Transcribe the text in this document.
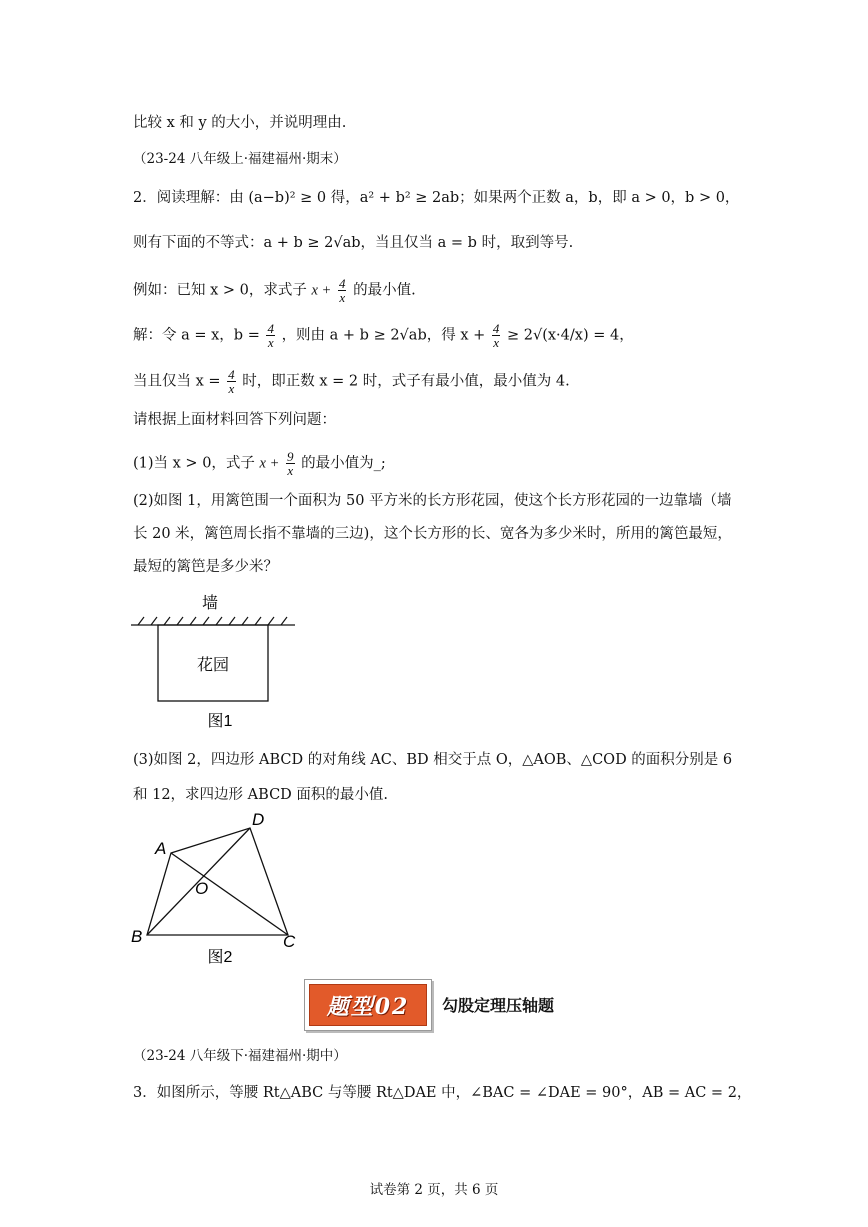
比较 x 和 y 的大小，并说明理由.
（23-24 八年级上·福建福州·期末）
2．阅读理解：由 (a−b)² ≥ 0 得，a² + b² ≥ 2ab；如果两个正数 a，b，即 a > 0，b > 0，
则有下面的不等式：a + b ≥ 2√ab，当且仅当 a = b 时，取到等号.
例如：已知 x > 0，求式子 $x + \frac{4}{x}$ 的最小值.
解：令 a = x，$b = \frac{4}{x}$ ，则由 a + b ≥ 2√ab，得 $x + \frac{4}{x} \ge 2√(x\cdot 4/x) = 4$，
当且仅当 $x = \frac{4}{x}$ 时，即正数 x = 2 时，式子有最小值，最小值为 4.
请根据上面材料回答下列问题：
(1)当 x > 0，式子 $x + \frac{9}{x}$ 的最小值为_;
(2)如图 1，用篱笆围一个面积为 50 平方米的长方形花园，使这个长方形花园的一边靠墙（墙
长 20 米，篱笆周长指不靠墙的三边)，这个长方形的长、宽各为多少米时，所用的篱笆最短，
最短的篱笆是多少米？
墙
花园
图1
(3)如图 2，四边形 ABCD 的对角线 AC、BD 相交于点 O，△AOB、△COD 的面积分别是 6
和 12，求四边形 ABCD 面积的最小值.
A
D
O
B	C
图2
题型02 勾股定理压轴题
（23-24 八年级下·福建福州·期中）
3．如图所示，等腰 Rt△ABC 与等腰 Rt△DAE 中，∠BAC = ∠DAE = 90°，AB = AC = 2，
试卷第 2 页，共 6 页
